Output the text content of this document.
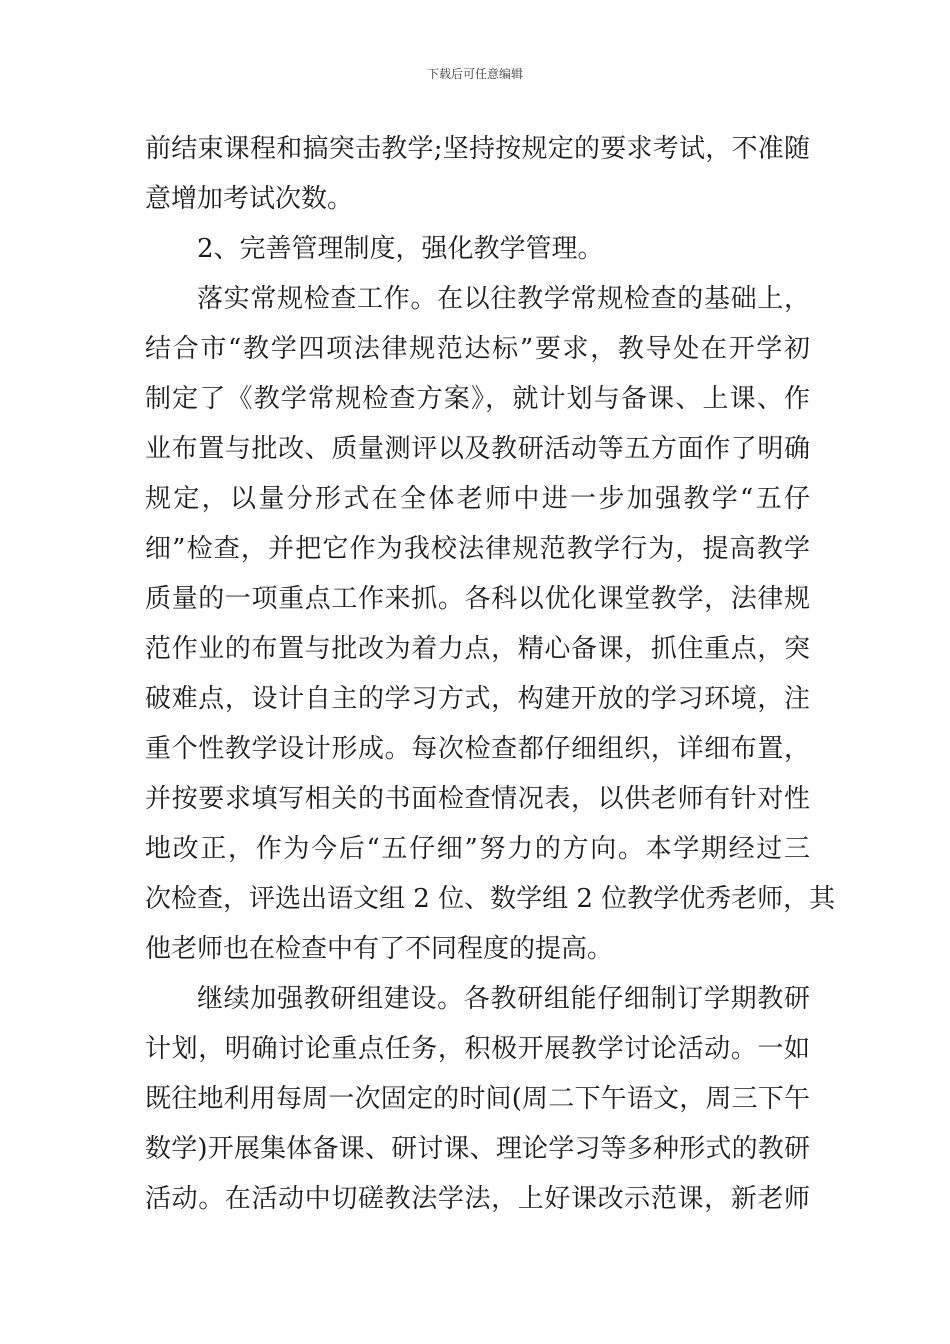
下载后可任意编辑
前结束课程和搞突击教学;坚持按规定的要求考试，不准随
意增加考试次数。
2、完善管理制度，强化教学管理。
落实常规检查工作。在以往教学常规检查的基础上，
结合市“教学四项法律规范达标”要求，教导处在开学初
制定了《教学常规检查方案》，就计划与备课、上课、作
业布置与批改、质量测评以及教研活动等五方面作了明确
规定，以量分形式在全体老师中进一步加强教学“五仔
细”检查，并把它作为我校法律规范教学行为，提高教学
质量的一项重点工作来抓。各科以优化课堂教学，法律规
范作业的布置与批改为着力点，精心备课，抓住重点，突
破难点，设计自主的学习方式，构建开放的学习环境，注
重个性教学设计形成。每次检查都仔细组织，详细布置，
并按要求填写相关的书面检查情况表，以供老师有针对性
地改正，作为今后“五仔细”努力的方向。本学期经过三
次检查，评选出语文组 2 位、数学组 2 位教学优秀老师，其
他老师也在检查中有了不同程度的提高。
继续加强教研组建设。各教研组能仔细制订学期教研
计划，明确讨论重点任务，积极开展教学讨论活动。一如
既往地利用每周一次固定的时间(周二下午语文，周三下午
数学)开展集体备课、研讨课、理论学习等多种形式的教研
活动。在活动中切磋教法学法，上好课改示范课，新老师
